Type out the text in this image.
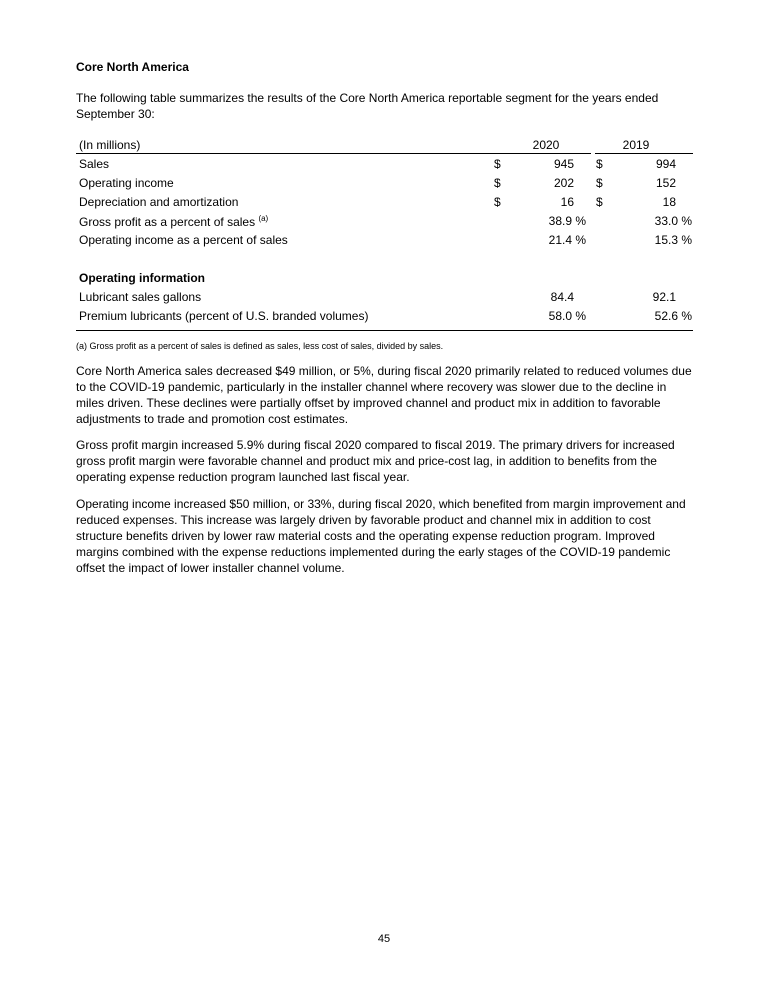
Core North America
The following table summarizes the results of the Core North America reportable segment for the years ended September 30:
(In millions)	2020	2019
Sales	$	945 $	994
Operating income	$	202 $	152
Depreciation and amortization	$	16 $	18
Gross profit as a percent of sales $^{(a)}$	38.9 %	33.0 %
Operating income as a percent of sales	21.4 %	15.3 %
Operating information
Lubricant sales gallons	84.4	92.1
Premium lubricants (percent of U.S. branded volumes)	58.0 %	52.6 %
(a) Gross profit as a percent of sales is defined as sales, less cost of sales, divided by sales.
Core North America sales decreased $49 million, or 5%, during fiscal 2020 primarily related to reduced volumes due to the COVID-19 pandemic, particularly in the installer channel where recovery was slower due to the decline in miles driven. These declines were partially offset by improved channel and product mix in addition to favorable adjustments to trade and promotion cost estimates.
Gross profit margin increased 5.9% during fiscal 2020 compared to fiscal 2019. The primary drivers for increased gross profit margin were favorable channel and product mix and price-cost lag, in addition to benefits from the operating expense reduction program launched last fiscal year.
Operating income increased $50 million, or 33%, during fiscal 2020, which benefited from margin improvement and reduced expenses. This increase was largely driven by favorable product and channel mix in addition to cost structure benefits driven by lower raw material costs and the operating expense reduction program. Improved margins combined with the expense reductions implemented during the early stages of the COVID-19 pandemic offset the impact of lower installer channel volume.
45
